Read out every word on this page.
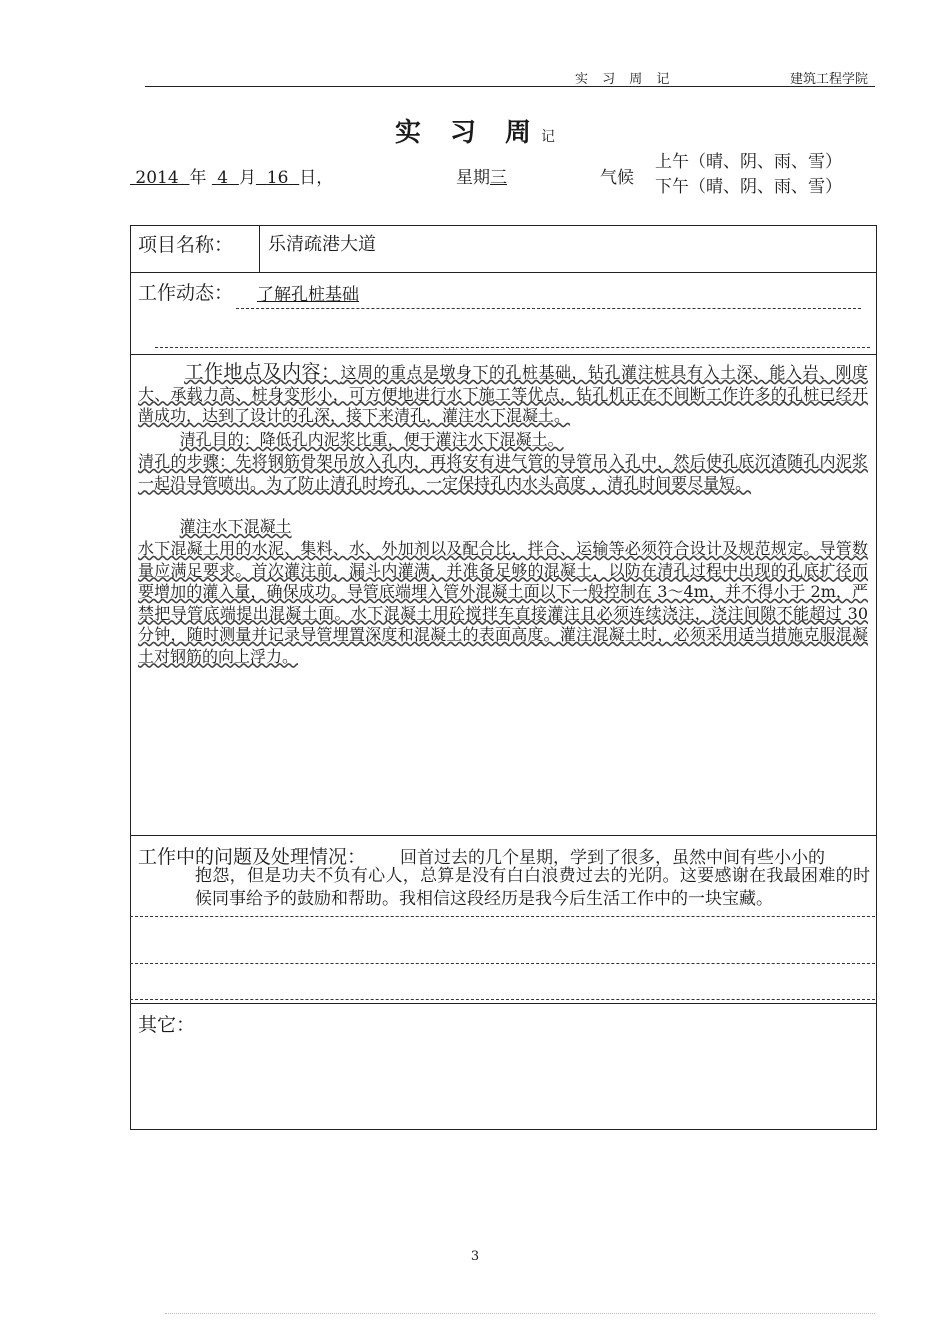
实 习 周 记	建筑工程学院
实 习 周记
2014 年 4 月 16 日，	星期三	气候
上午（晴、阴、雨、雪）
下午（晴、阴、雨、雪）
项目名称： 乐清疏港大道
工作动态： 了解孔桩基础
工作地点及内容：这周的重点是墩身下的孔桩基础，钻孔灌注桩具有入土深、能入岩、刚度大、承载力高、桩身变形小，可方便地进行水下施工等优点，钻孔机正在不间断工作许多的孔桩已经开凿成功，达到了设计的孔深，接下来清孔，灌注水下混凝土。
清孔目的：降低孔内泥浆比重，便于灌注水下混凝土。
清孔的步骤：先将钢筋骨架吊放入孔内，再将安有进气管的导管吊入孔中，然后使孔底沉渣随孔内泥浆一起沿导管喷出。为了防止清孔时垮孔，一定保持孔内水头高度 ，清孔时间要尽量短。
灌注水下混凝土
水下混凝土用的水泥、集料、水、外加剂以及配合比，拌合、运输等必须符合设计及规范规定。导管数量应满足要求。首次灌注前，漏斗内灌满，并准备足够的混凝土，以防在清孔过程中出现的孔底扩径而要增加的灌入量，确保成功。导管底端埋入管外混凝土面以下一般控制在 3～4m，并不得小于 2m，严禁把导管底端提出混凝土面。水下混凝土用砼搅拌车直接灌注且必须连续浇注，浇注间隙不能超过 30 分钟，随时测量并记录导管埋置深度和混凝土的表面高度。灌注混凝土时，必须采用适当措施克服混凝土对钢筋的向上浮力。
工作中的问题及处理情况： 回首过去的几个星期，学到了很多，虽然中间有些小小的
抱怨，但是功夫不负有心人，总算是没有白白浪费过去的光阴。这要感谢在我最困难的时候同事给予的鼓励和帮助。我相信这段经历是我今后生活工作中的一块宝藏。
其它：
3
